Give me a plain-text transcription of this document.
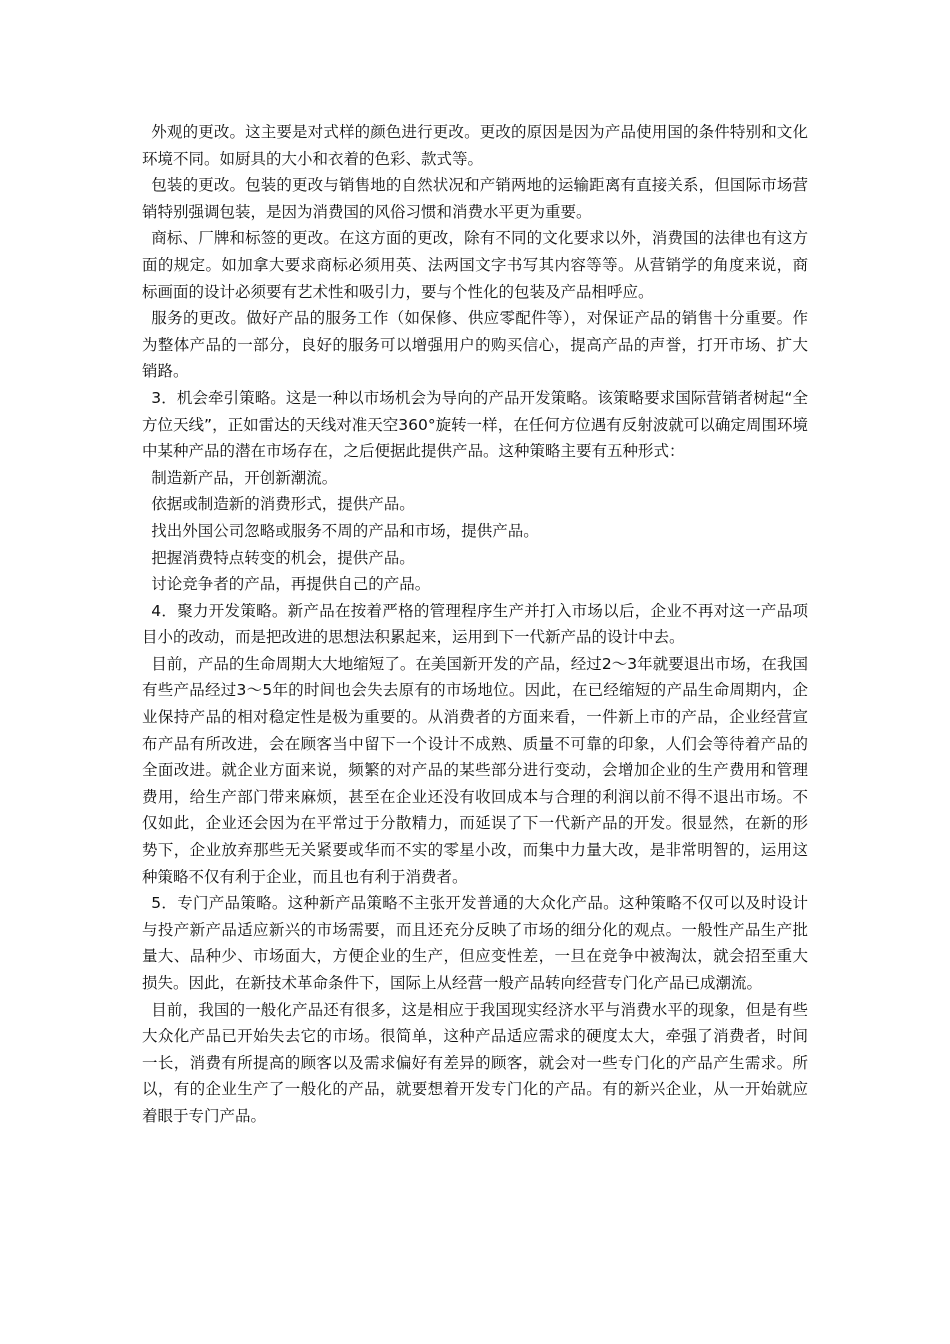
外观的更改。这主要是对式样的颜色进行更改。更改的原因是因为产品使用国的条件特别和文化环境不同。如厨具的大小和衣着的色彩、款式等。

包装的更改。包装的更改与销售地的自然状况和产销两地的运输距离有直接关系，但国际市场营销特别强调包装，是因为消费国的风俗习惯和消费水平更为重要。

商标、厂牌和标签的更改。在这方面的更改，除有不同的文化要求以外，消费国的法律也有这方面的规定。如加拿大要求商标必须用英、法两国文字书写其内容等等。从营销学的角度来说，商标画面的设计必须要有艺术性和吸引力，要与个性化的包装及产品相呼应。

服务的更改。做好产品的服务工作（如保修、供应零配件等），对保证产品的销售十分重要。作为整体产品的一部分，良好的服务可以增强用户的购买信心，提高产品的声誉，打开市场、扩大销路。

3．机会牵引策略。这是一种以市场机会为导向的产品开发策略。该策略要求国际营销者树起“全方位天线”，正如雷达的天线对准天空360°旋转一样，在任何方位遇有反射波就可以确定周围环境中某种产品的潜在市场存在，之后便据此提供产品。这种策略主要有五种形式：

制造新产品，开创新潮流。

依据或制造新的消费形式，提供产品。

找出外国公司忽略或服务不周的产品和市场，提供产品。

把握消费特点转变的机会，提供产品。

讨论竞争者的产品，再提供自己的产品。

4．聚力开发策略。新产品在按着严格的管理程序生产并打入市场以后，企业不再对这一产品项目小的改动，而是把改进的思想法积累起来，运用到下一代新产品的设计中去。

目前，产品的生命周期大大地缩短了。在美国新开发的产品，经过2～3年就要退出市场，在我国有些产品经过3～5年的时间也会失去原有的市场地位。因此，在已经缩短的产品生命周期内，企业保持产品的相对稳定性是极为重要的。从消费者的方面来看，一件新上市的产品，企业经营宣布产品有所改进，会在顾客当中留下一个设计不成熟、质量不可靠的印象，人们会等待着产品的全面改进。就企业方面来说，频繁的对产品的某些部分进行变动，会增加企业的生产费用和管理费用，给生产部门带来麻烦，甚至在企业还没有收回成本与合理的利润以前不得不退出市场。不仅如此，企业还会因为在平常过于分散精力，而延误了下一代新产品的开发。很显然，在新的形势下，企业放弃那些无关紧要或华而不实的零星小改，而集中力量大改，是非常明智的，运用这种策略不仅有利于企业，而且也有利于消费者。

5．专门产品策略。这种新产品策略不主张开发普通的大众化产品。这种策略不仅可以及时设计与投产新产品适应新兴的市场需要，而且还充分反映了市场的细分化的观点。一般性产品生产批量大、品种少、市场面大，方便企业的生产，但应变性差，一旦在竞争中被淘汰，就会招至重大损失。因此，在新技术革命条件下，国际上从经营一般产品转向经营专门化产品已成潮流。

目前，我国的一般化产品还有很多，这是相应于我国现实经济水平与消费水平的现象，但是有些大众化产品已开始失去它的市场。很简单，这种产品适应需求的硬度太大，牵强了消费者，时间一长，消费有所提高的顾客以及需求偏好有差异的顾客，就会对一些专门化的产品产生需求。所以，有的企业生产了一般化的产品，就要想着开发专门化的产品。有的新兴企业，从一开始就应着眼于专门产品。
